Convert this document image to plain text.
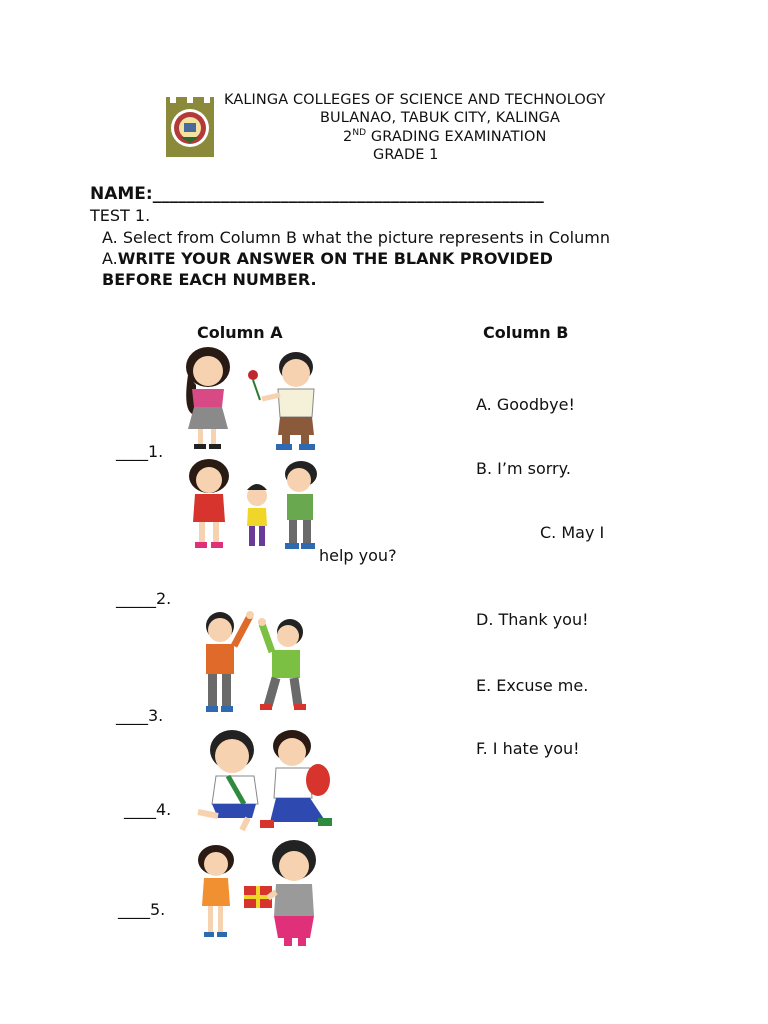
KALINGA COLLEGES OF SCIENCE AND TECHNOLOGY
BULANAO, TABUK CITY, KALINGA
2ND GRADING EXAMINATION
GRADE 1
NAME:______________________________________________
TEST 1.
A. Select from Column B what the picture represents in Column
A.WRITE YOUR ANSWER ON THE BLANK PROVIDED
BEFORE EACH NUMBER.
Column A	Column B
____1.
_____2.
____3.
____4.
____5.
A. Goodbye!
B. I’m sorry.
C. May I
help you?
D. Thank you!
E. Excuse me.
F. I hate you!
